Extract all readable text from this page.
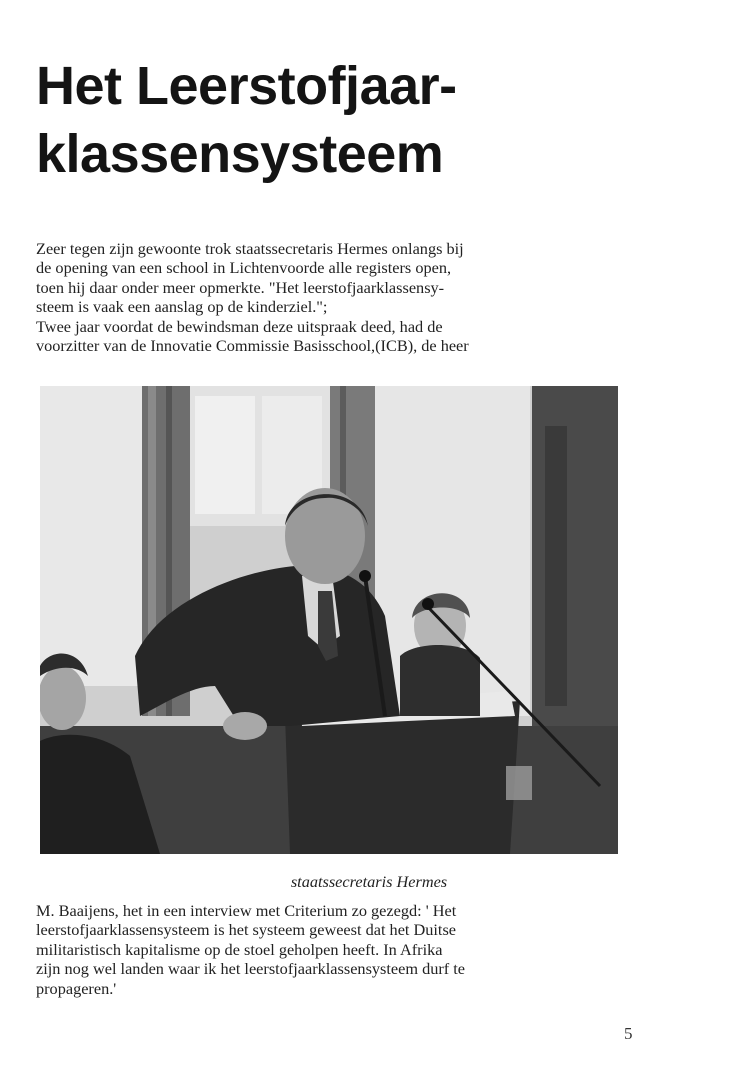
Het Leerstofjaar-
klassensysteem

Zeer tegen zijn gewoonte trok staatssecretaris Hermes onlangs bij
de opening van een school in Lichtenvoorde alle registers open,
toen hij daar onder meer opmerkte. "Het leerstofjaarklassensy-
steem is vaak een aanslag op de kinderziel.";
Twee jaar voordat de bewindsman deze uitspraak deed, had de
voorzitter van de Innovatie Commissie Basisschool,(ICB), de heer

staatssecretaris Hermes

M. Baaijens, het in een interview met Criterium zo gezegd: ' Het
leerstofjaarklassensysteem is het systeem geweest dat het Duitse
militaristisch kapitalisme op de stoel geholpen heeft. In Afrika
zijn nog wel landen waar ik het leerstofjaarklassensysteem durf te
propageren.'

5
